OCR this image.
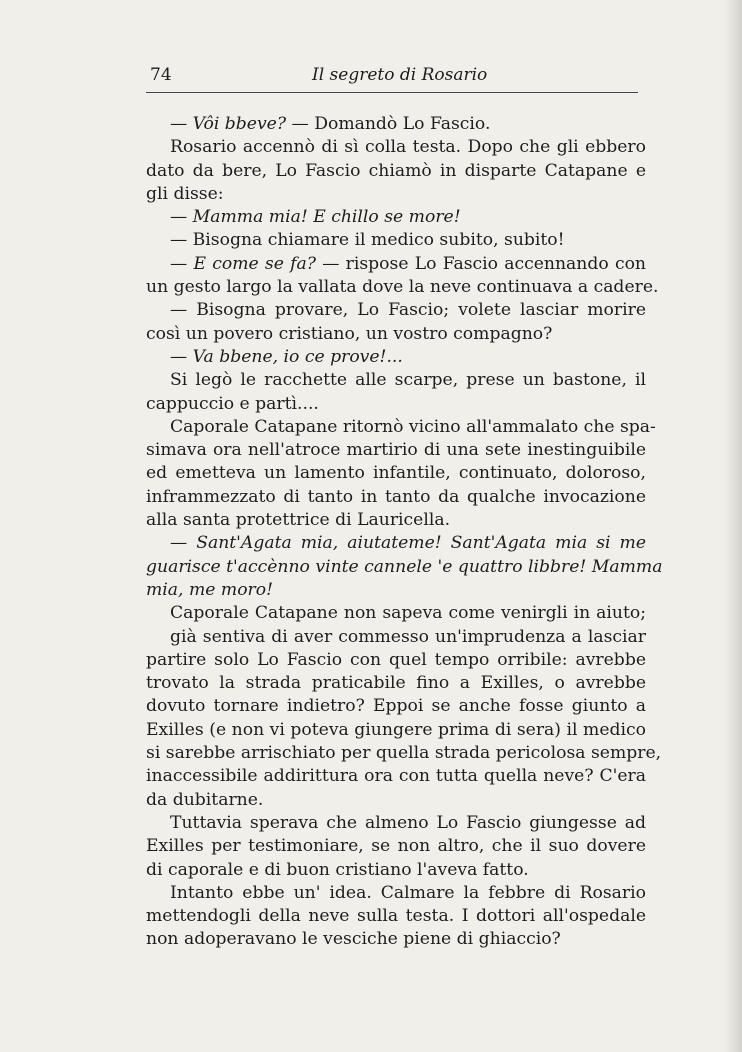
74	Il segreto di Rosario
— Vôi bbeve? — Domandò Lo Fascio.
Rosario accennò di sì colla testa. Dopo che gli ebbero
dato da bere, Lo Fascio chiamò in disparte Catapane e
gli disse:
— Mamma mia! E chillo se more!
— Bisogna chiamare il medico subito, subito!
— E come se fa? — rispose Lo Fascio accennando con
un gesto largo la vallata dove la neve continuava a cadere.
— Bisogna provare, Lo Fascio; volete lasciar morire
così un povero cristiano, un vostro compagno?
— Va bbene, io ce prove!...
Si legò le racchette alle scarpe, prese un bastone, il
cappuccio e partì....
Caporale Catapane ritornò vicino all'ammalato che spa-
simava ora nell'atroce martirio di una sete inestinguibile
ed emetteva un lamento infantile, continuato, doloroso,
inframmezzato di tanto in tanto da qualche invocazione
alla santa protettrice di Lauricella.
— Sant'Agata mia, aiutateme! Sant'Agata mia si me
guarisce t'accènno vinte cannele 'e quattro libbre! Mamma
mia, me moro!
Caporale Catapane non sapeva come venirgli in aiuto;
già sentiva di aver commesso un'imprudenza a lasciar
partire solo Lo Fascio con quel tempo orribile: avrebbe
trovato la strada praticabile fino a Exilles, o avrebbe
dovuto tornare indietro? Eppoi se anche fosse giunto a
Exilles (e non vi poteva giungere prima di sera) il medico
si sarebbe arrischiato per quella strada pericolosa sempre,
inaccessibile addirittura ora con tutta quella neve? C'era
da dubitarne.
Tuttavia sperava che almeno Lo Fascio giungesse ad
Exilles per testimoniare, se non altro, che il suo dovere
di caporale e di buon cristiano l'aveva fatto.
Intanto ebbe un' idea. Calmare la febbre di Rosario
mettendogli della neve sulla testa. I dottori all'ospedale
non adoperavano le vesciche piene di ghiaccio?
